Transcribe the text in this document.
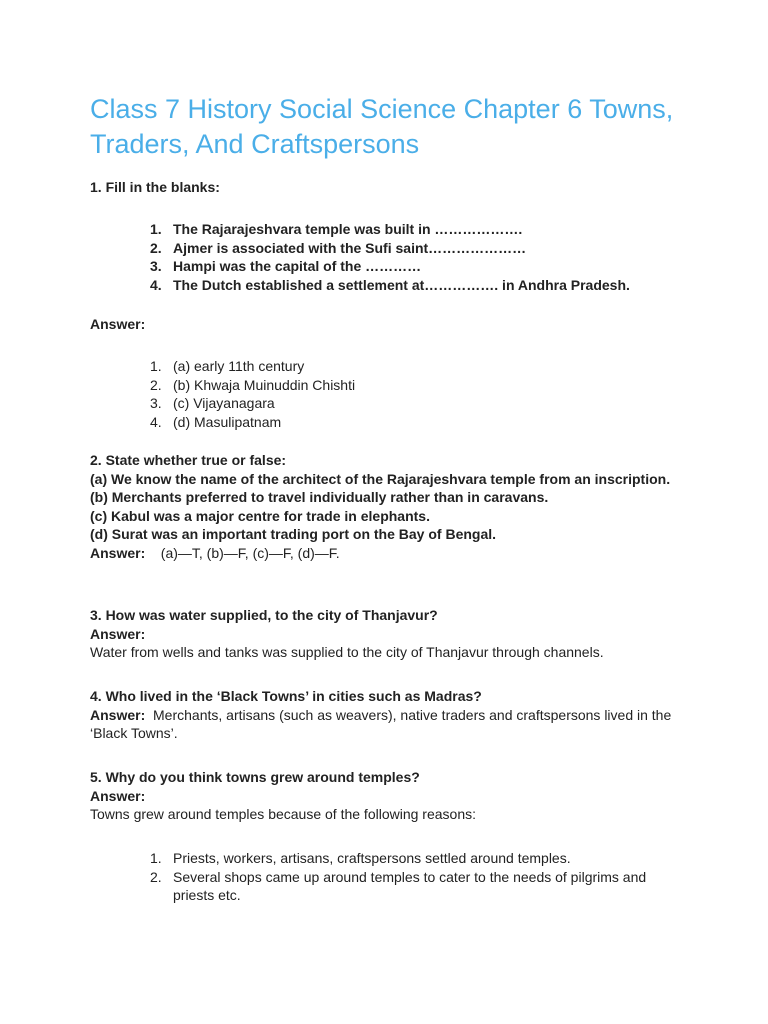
Class 7 History Social Science Chapter 6 Towns, Traders, And Craftspersons

1. Fill in the blanks:

1. The Rajarajeshvara temple was built in ……………….
2. Ajmer is associated with the Sufi saint…………………
3. Hampi was the capital of the …………
4. The Dutch established a settlement at……………. in Andhra Pradesh.

Answer:

1. (a) early 11th century
2. (b) Khwaja Muinuddin Chishti
3. (c) Vijayanagara
4. (d) Masulipatnam

2. State whether true or false:

(a) We know the name of the architect of the Rajarajeshvara temple from an inscription.

(b) Merchants preferred to travel individually rather than in caravans.

(c) Kabul was a major centre for trade in elephants.

(d) Surat was an important trading port on the Bay of Bengal.

Answer: (a)—T, (b)—F, (c)—F, (d)—F.

3. How was water supplied, to the city of Thanjavur?

Answer:

Water from wells and tanks was supplied to the city of Thanjavur through channels.

4. Who lived in the ‘Black Towns’ in cities such as Madras?

Answer: Merchants, artisans (such as weavers), native traders and craftspersons lived in the ‘Black Towns’.

5. Why do you think towns grew around temples?

Answer:

Towns grew around temples because of the following reasons:

1. Priests, workers, artisans, craftspersons settled around temples.
2. Several shops came up around temples to cater to the needs of pilgrims and priests etc.
